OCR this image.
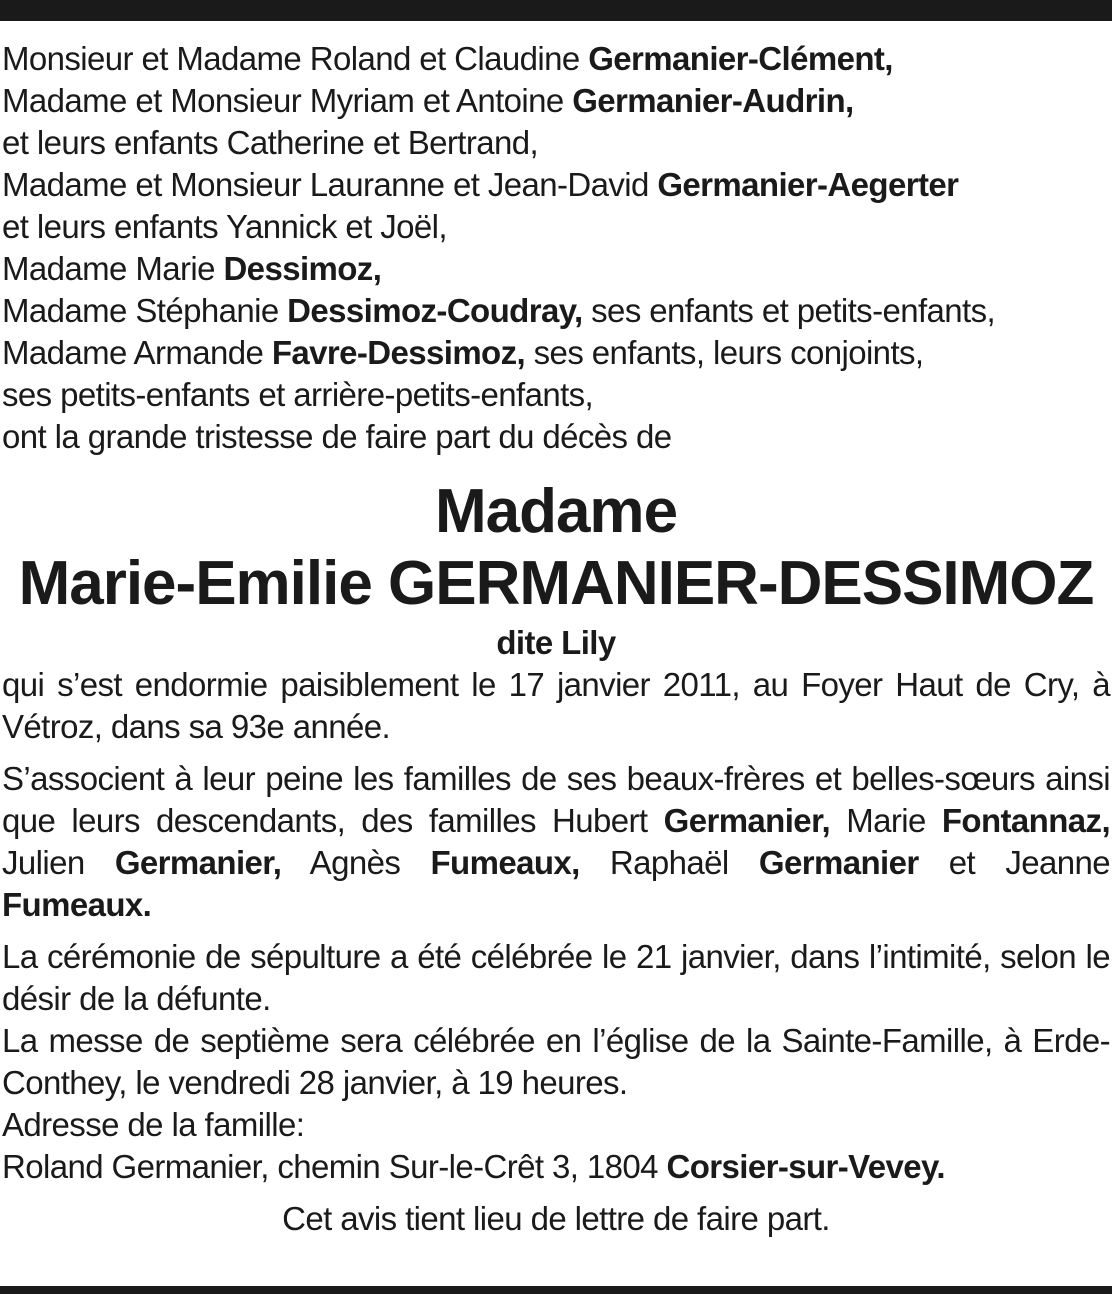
Monsieur et Madame Roland et Claudine Germanier-Clément,
Madame et Monsieur Myriam et Antoine Germanier-Audrin,
et leurs enfants Catherine et Bertrand,
Madame et Monsieur Lauranne et Jean-David Germanier-Aegerter
et leurs enfants Yannick et Joël,
Madame Marie Dessimoz,
Madame Stéphanie Dessimoz-Coudray, ses enfants et petits-enfants,
Madame Armande Favre-Dessimoz, ses enfants, leurs conjoints,
ses petits-enfants et arrière-petits-enfants,
ont la grande tristesse de faire part du décès de
Madame
Marie-Emilie GERMANIER-DESSIMOZ
dite Lily
qui s’est endormie paisiblement le 17 janvier 2011, au Foyer Haut de Cry, à Vétroz, dans sa 93e année.
S’associent à leur peine les familles de ses beaux-frères et belles-sœurs ainsi que leurs descendants, des familles Hubert Germanier, Marie Fontannaz, Julien Germanier, Agnès Fumeaux, Raphaël Germanier et Jeanne Fumeaux.
La cérémonie de sépulture a été célébrée le 21 janvier, dans l’intimité, selon le désir de la défunte.
La messe de septième sera célébrée en l’église de la Sainte-Famille, à Erde-Conthey, le vendredi 28 janvier, à 19 heures.
Adresse de la famille:
Roland Germanier, chemin Sur-le-Crêt 3, 1804 Corsier-sur-Vevey.
Cet avis tient lieu de lettre de faire part.
